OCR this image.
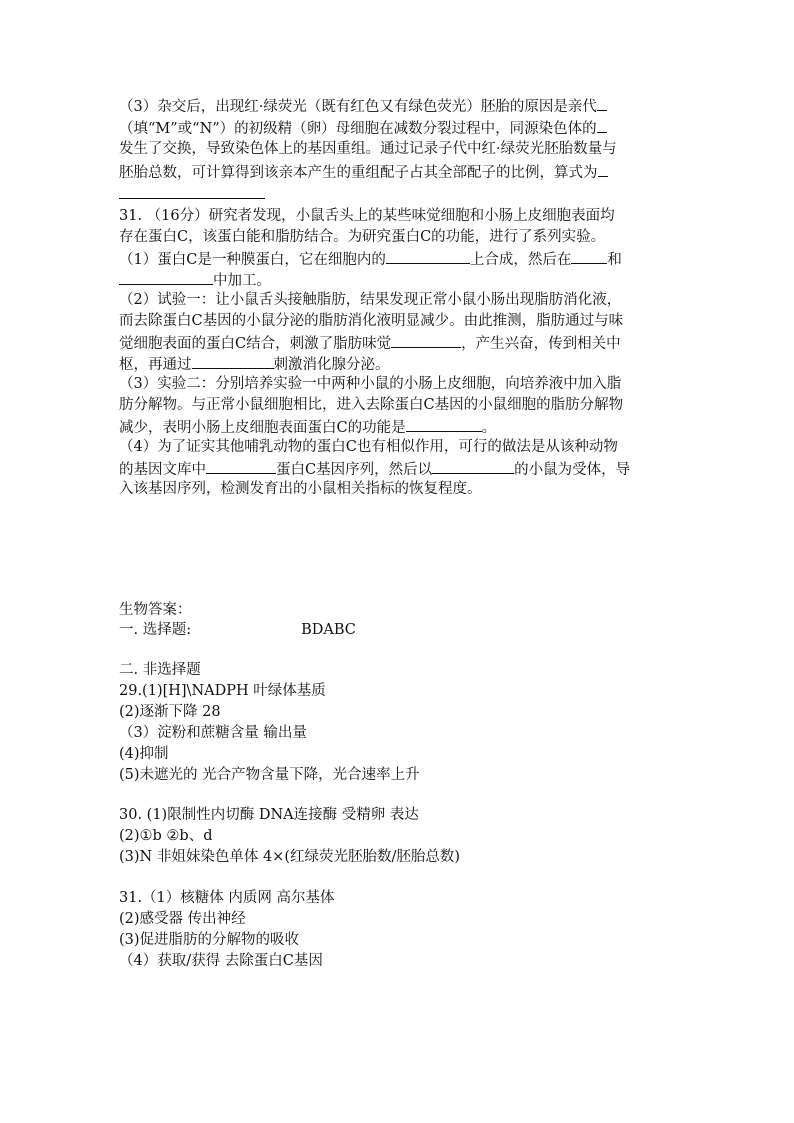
（3）杂交后，出现红·绿荧光（既有红色又有绿色荧光）胚胎的原因是亲代
（填“M”或“N”）的初级精（卵）母细胞在减数分裂过程中，同源染色体的
发生了交换，导致染色体上的基因重组。通过记录子代中红·绿荧光胚胎数量与
胚胎总数，可计算得到该亲本产生的重组配子占其全部配子的比例，算式为
31. （16分）研究者发现，小鼠舌头上的某些味觉细胞和小肠上皮细胞表面均
存在蛋白C，该蛋白能和脂肪结合。为研究蛋白C的功能，进行了系列实验。
（1）蛋白C是一种膜蛋白，它在细胞内的	上合成，然后在 和
中加工。
（2）试验一：让小鼠舌头接触脂肪，结果发现正常小鼠小肠出现脂肪消化液，
而去除蛋白C基因的小鼠分泌的脂肪消化液明显减少。由此推测，脂肪通过与味
觉细胞表面的蛋白C结合，刺激了脂肪味觉	，产生兴奋，传到相关中
枢，再通过	刺激消化腺分泌。
（3）实验二：分别培养实验一中两种小鼠的小肠上皮细胞，向培养液中加入脂
肪分解物。与正常小鼠细胞相比，进入去除蛋白C基因的小鼠细胞的脂肪分解物
减少，表明小肠上皮细胞表面蛋白C的功能是	。
（4）为了证实其他哺乳动物的蛋白C也有相似作用，可行的做法是从该种动物
的基因文库中	蛋白C基因序列，然后以	的小鼠为受体，导
入该基因序列，检测发育出的小鼠相关指标的恢复程度。
生物答案：
一. 选择题:	BDABC
二. 非选择题
29.(1)[H]\NADPH 叶绿体基质
(2)逐渐下降 28
（3）淀粉和蔗糖含量 输出量
(4)抑制
(5)未遮光的 光合产物含量下降，光合速率上升
30. (1)限制性内切酶 DNA连接酶 受精卵 表达
(2)①b ②b、d
(3)N 非姐妹染色单体 4×(红绿荧光胚胎数/胚胎总数)
31.（1）核糖体 内质网 高尔基体
(2)感受器 传出神经
(3)促进脂肪的分解物的吸收
（4）获取/获得 去除蛋白C基因
